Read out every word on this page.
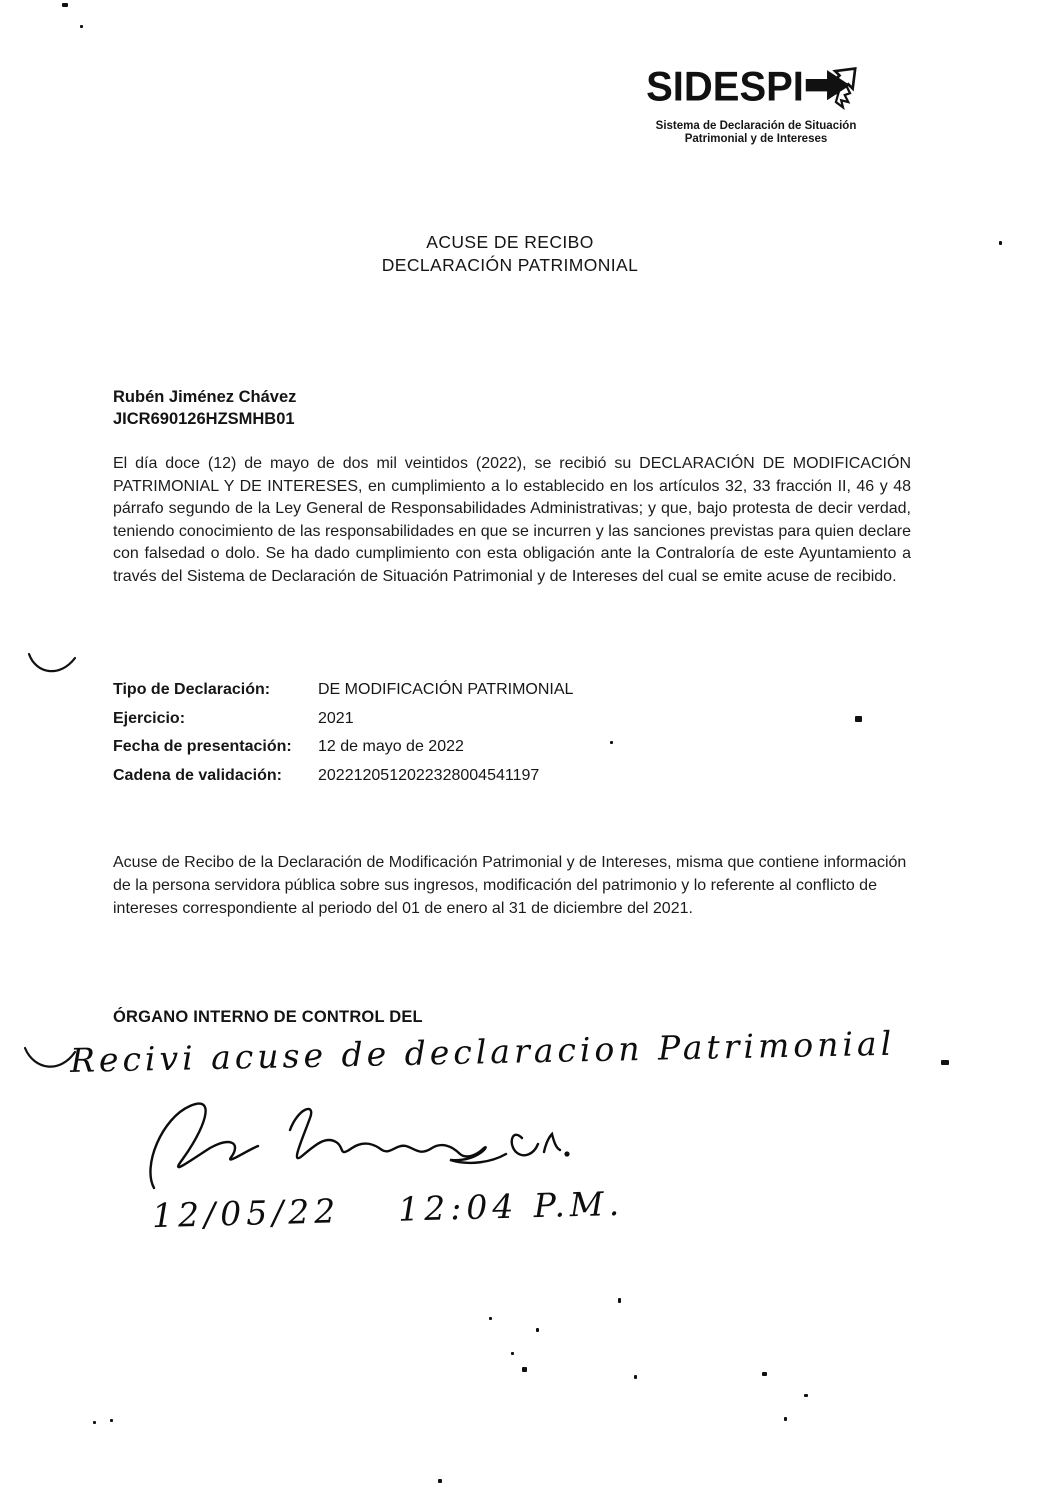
SIDESPI
Sistema de Declaración de Situación
Patrimonial y de Intereses
ACUSE DE RECIBO
DECLARACIÓN PATRIMONIAL
Rubén Jiménez Chávez
JICR690126HZSMHB01
El día doce (12) de mayo de dos mil veintidos (2022), se recibió su DECLARACIÓN DE MODIFICACIÓN PATRIMONIAL Y DE INTERESES, en cumplimiento a lo establecido en los artículos 32, 33 fracción II, 46 y 48 párrafo segundo de la Ley General de Responsabilidades Administrativas; y que, bajo protesta de decir verdad, teniendo conocimiento de las responsabilidades en que se incurren y las sanciones previstas para quien declare con falsedad o dolo. Se ha dado cumplimiento con esta obligación ante la Contraloría de este Ayuntamiento a través del Sistema de Declaración de Situación Patrimonial y de Intereses del cual se emite acuse de recibido.
Tipo de Declaración:	DE MODIFICACIÓN PATRIMONIAL
Ejercicio:	2021
Fecha de presentación:	12 de mayo de 2022
Cadena de validación:	2022120512022328004541197
Acuse de Recibo de la Declaración de Modificación Patrimonial y de Intereses, misma que contiene información de la persona servidora pública sobre sus ingresos, modificación del patrimonio y lo referente al conflicto de intereses correspondiente al periodo del 01 de enero al 31 de diciembre del 2021.
ÓRGANO INTERNO DE CONTROL DEL
Recivi acuse de declaracion Patrimonial
12/05/22 12:04 P.M.
